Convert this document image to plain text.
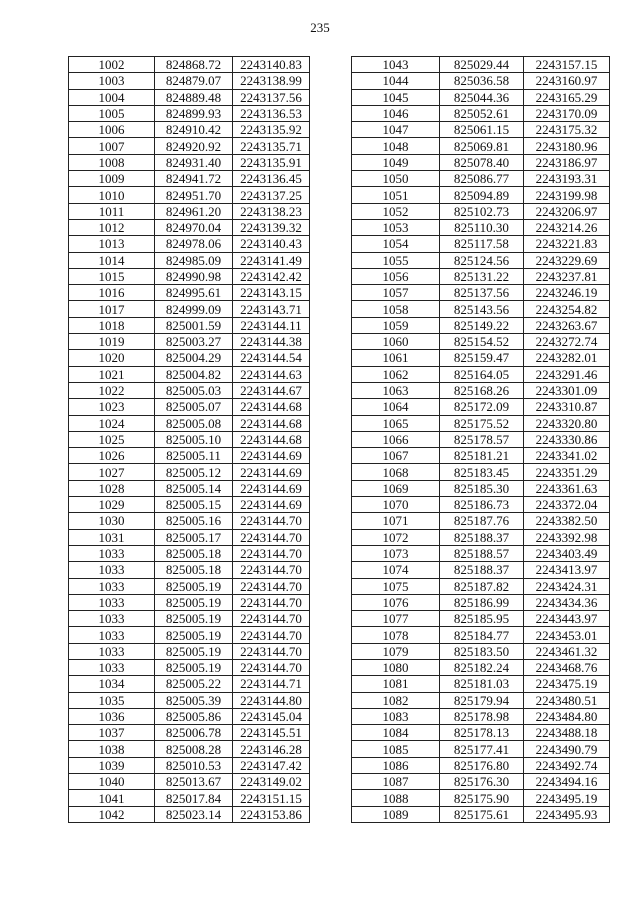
235
1002	824868.72	2243140.83
1003	824879.07	2243138.99
1004	824889.48	2243137.56
1005	824899.93	2243136.53
1006	824910.42	2243135.92
1007	824920.92	2243135.71
1008	824931.40	2243135.91
1009	824941.72	2243136.45
1010	824951.70	2243137.25
1011	824961.20	2243138.23
1012	824970.04	2243139.32
1013	824978.06	2243140.43
1014	824985.09	2243141.49
1015	824990.98	2243142.42
1016	824995.61	2243143.15
1017	824999.09	2243143.71
1018	825001.59	2243144.11
1019	825003.27	2243144.38
1020	825004.29	2243144.54
1021	825004.82	2243144.63
1022	825005.03	2243144.67
1023	825005.07	2243144.68
1024	825005.08	2243144.68
1025	825005.10	2243144.68
1026	825005.11	2243144.69
1027	825005.12	2243144.69
1028	825005.14	2243144.69
1029	825005.15	2243144.69
1030	825005.16	2243144.70
1031	825005.17	2243144.70
1033	825005.18	2243144.70
1033	825005.18	2243144.70
1033	825005.19	2243144.70
1033	825005.19	2243144.70
1033	825005.19	2243144.70
1033	825005.19	2243144.70
1033	825005.19	2243144.70
1033	825005.19	2243144.70
1034	825005.22	2243144.71
1035	825005.39	2243144.80
1036	825005.86	2243145.04
1037	825006.78	2243145.51
1038	825008.28	2243146.28
1039	825010.53	2243147.42
1040	825013.67	2243149.02
1041	825017.84	2243151.15
1042	825023.14	2243153.86
1043	825029.44	2243157.15
1044	825036.58	2243160.97
1045	825044.36	2243165.29
1046	825052.61	2243170.09
1047	825061.15	2243175.32
1048	825069.81	2243180.96
1049	825078.40	2243186.97
1050	825086.77	2243193.31
1051	825094.89	2243199.98
1052	825102.73	2243206.97
1053	825110.30	2243214.26
1054	825117.58	2243221.83
1055	825124.56	2243229.69
1056	825131.22	2243237.81
1057	825137.56	2243246.19
1058	825143.56	2243254.82
1059	825149.22	2243263.67
1060	825154.52	2243272.74
1061	825159.47	2243282.01
1062	825164.05	2243291.46
1063	825168.26	2243301.09
1064	825172.09	2243310.87
1065	825175.52	2243320.80
1066	825178.57	2243330.86
1067	825181.21	2243341.02
1068	825183.45	2243351.29
1069	825185.30	2243361.63
1070	825186.73	2243372.04
1071	825187.76	2243382.50
1072	825188.37	2243392.98
1073	825188.57	2243403.49
1074	825188.37	2243413.97
1075	825187.82	2243424.31
1076	825186.99	2243434.36
1077	825185.95	2243443.97
1078	825184.77	2243453.01
1079	825183.50	2243461.32
1080	825182.24	2243468.76
1081	825181.03	2243475.19
1082	825179.94	2243480.51
1083	825178.98	2243484.80
1084	825178.13	2243488.18
1085	825177.41	2243490.79
1086	825176.80	2243492.74
1087	825176.30	2243494.16
1088	825175.90	2243495.19
1089	825175.61	2243495.93
